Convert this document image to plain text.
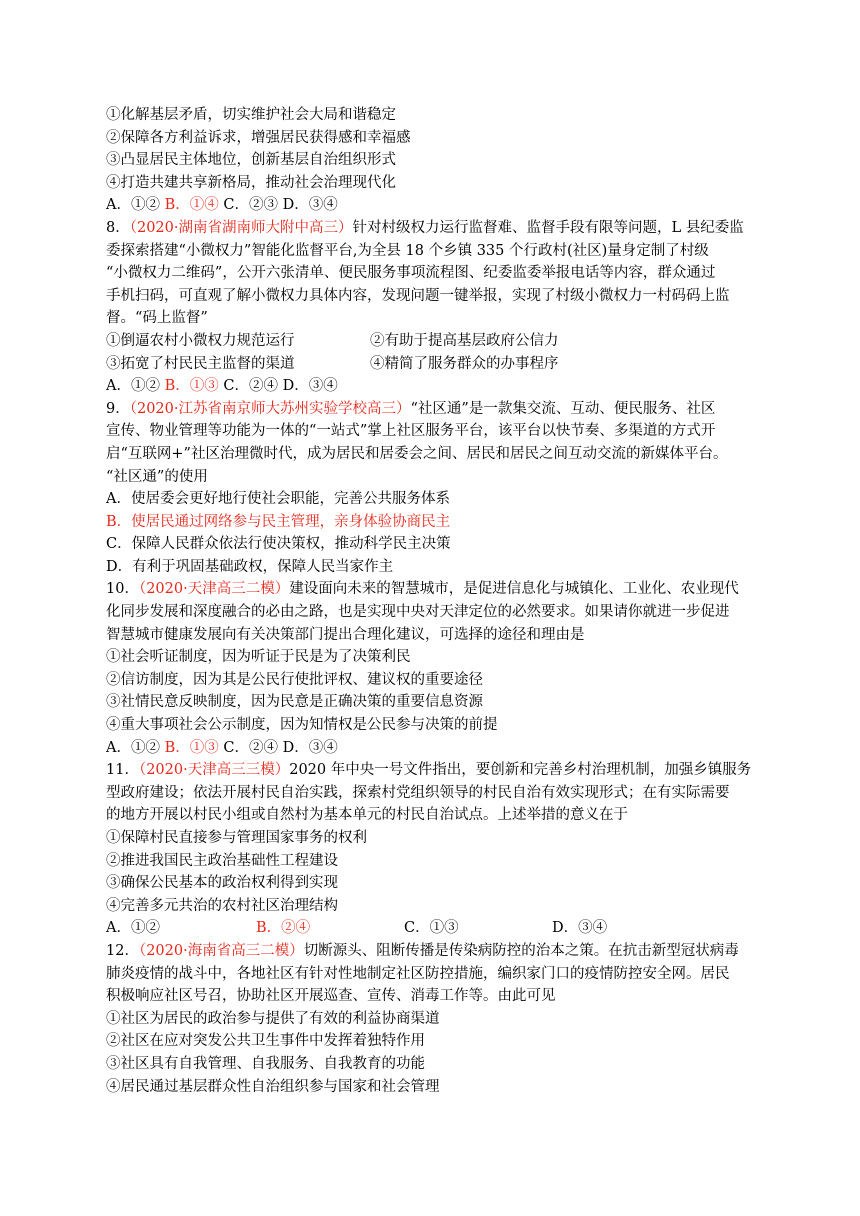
①化解基层矛盾，切实维护社会大局和谐稳定
②保障各方利益诉求，增强居民获得感和幸福感
③凸显居民主体地位，创新基层自治组织形式
④打造共建共享新格局，推动社会治理现代化
A．①② B．①④ C．②③ D．③④
8．（2020·湖南省湖南师大附中高三）针对村级权力运行监督难、监督手段有限等问题，L 县纪委监
委探索搭建“小微权力”智能化监督平台,为全县 18 个乡镇 335 个行政村(社区)量身定制了村级
“小微权力二维码”，公开六张清单、便民服务事项流程图、纪委监委举报电话等内容，群众通过
手机扫码，可直观了解小微权力具体内容，发现问题一键举报，实现了村级小微权力一村码码上监
督。“码上监督”
①倒逼农村小微权力规范运行	②有助于提高基层政府公信力
③拓宽了村民民主监督的渠道	④精简了服务群众的办事程序
A．①② B．①③ C．②④ D．③④
9．（2020·江苏省南京师大苏州实验学校高三）“社区通”是一款集交流、互动、便民服务、社区
宣传、物业管理等功能为一体的“一站式”掌上社区服务平台，该平台以快节奏、多渠道的方式开
启“互联网+”社区治理微时代，成为居民和居委会之间、居民和居民之间互动交流的新媒体平台。
“社区通”的使用
A．使居委会更好地行使社会职能，完善公共服务体系
B．使居民通过网络参与民主管理，亲身体验协商民主
C．保障人民群众依法行使决策权，推动科学民主决策
D．有利于巩固基础政权，保障人民当家作主
10．（2020·天津高三二模）建设面向未来的智慧城市，是促进信息化与城镇化、工业化、农业现代
化同步发展和深度融合的必由之路，也是实现中央对天津定位的必然要求。如果请你就进一步促进
智慧城市健康发展向有关决策部门提出合理化建议，可选择的途径和理由是
①社会听证制度，因为听证于民是为了决策利民
②信访制度，因为其是公民行使批评权、建议权的重要途径
③社情民意反映制度，因为民意是正确决策的重要信息资源
④重大事项社会公示制度，因为知情权是公民参与决策的前提
A．①② B．①③ C．②④ D．③④
11．（2020·天津高三三模）2020 年中央一号文件指出，要创新和完善乡村治理机制，加强乡镇服务
型政府建设；依法开展村民自治实践，探索村党组织领导的村民自治有效实现形式；在有实际需要
的地方开展以村民小组或自然村为基本单元的村民自治试点。上述举措的意义在于
①保障村民直接参与管理国家事务的权利
②推进我国民主政治基础性工程建设
③确保公民基本的政治权利得到实现
④完善多元共治的农村社区治理结构
A．①②	B．②④	C．①③	D．③④
12．（2020·海南省高三二模）切断源头、阻断传播是传染病防控的治本之策。在抗击新型冠状病毒
肺炎疫情的战斗中，各地社区有针对性地制定社区防控措施，编织家门口的疫情防控安全网。居民
积极响应社区号召，协助社区开展巡查、宣传、消毒工作等。由此可见
①社区为居民的政治参与提供了有效的利益协商渠道
②社区在应对突发公共卫生事件中发挥着独特作用
③社区具有自我管理、自我服务、自我教育的功能
④居民通过基层群众性自治组织参与国家和社会管理
